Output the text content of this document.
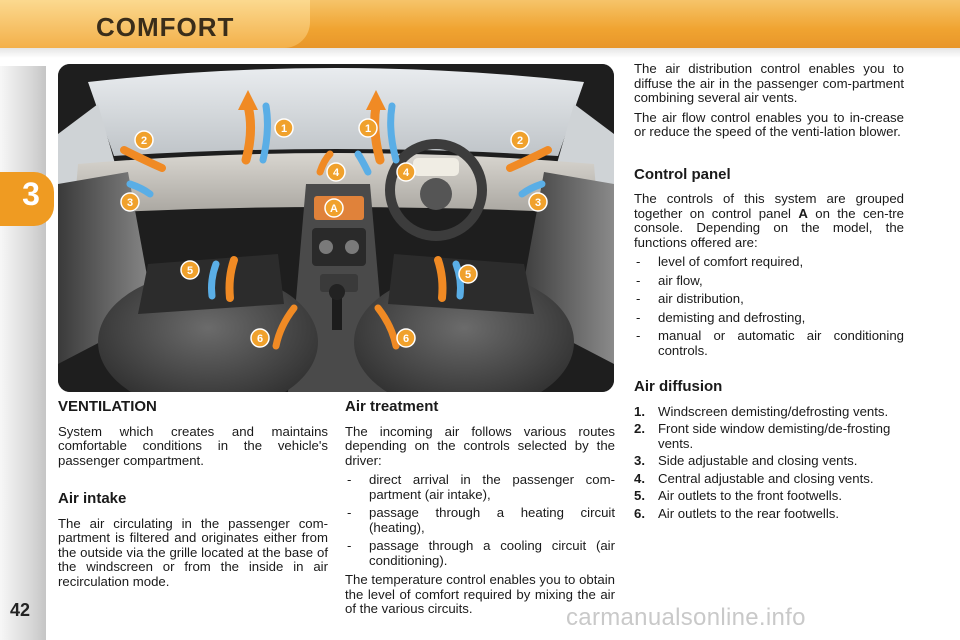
COMFORT
3
42
1	1
2	2
3	3
4	4
5	5
6	6
A
VENTILATION

System which creates and maintains comfortable conditions in the vehicle's passenger compartment.

Air intake

The air circulating in the passenger com-partment is filtered and originates either from the outside via the grille located at the base of the windscreen or from the inside in air recirculation mode.

Air treatment

The incoming air follows various routes depending on the controls selected by the driver:

- direct arrival in the passenger com-partment (air intake),
- passage through a heating circuit (heating),
- passage through a cooling circuit (air conditioning).

The temperature control enables you to obtain the level of comfort required by mixing the air of the various circuits.

The air distribution control enables you to diffuse the air in the passenger com-partment combining several air vents.

The air flow control enables you to in-crease or reduce the speed of the venti-lation blower.

Control panel

The controls of this system are grouped together on control panel A on the cen-tre console. Depending on the model, the functions offered are:

- level of comfort required,
- air flow,
- air distribution,
- demisting and defrosting,
- manual or automatic air conditioning controls.
Air diffusion
1. Windscreen demisting/defrosting vents.
2. Front side window demisting/de-frosting vents.
3. Side adjustable and closing vents.
4. Central adjustable and closing vents.
5. Air outlets to the front footwells.
6. Air outlets to the rear footwells.
carmanualsonline.info
